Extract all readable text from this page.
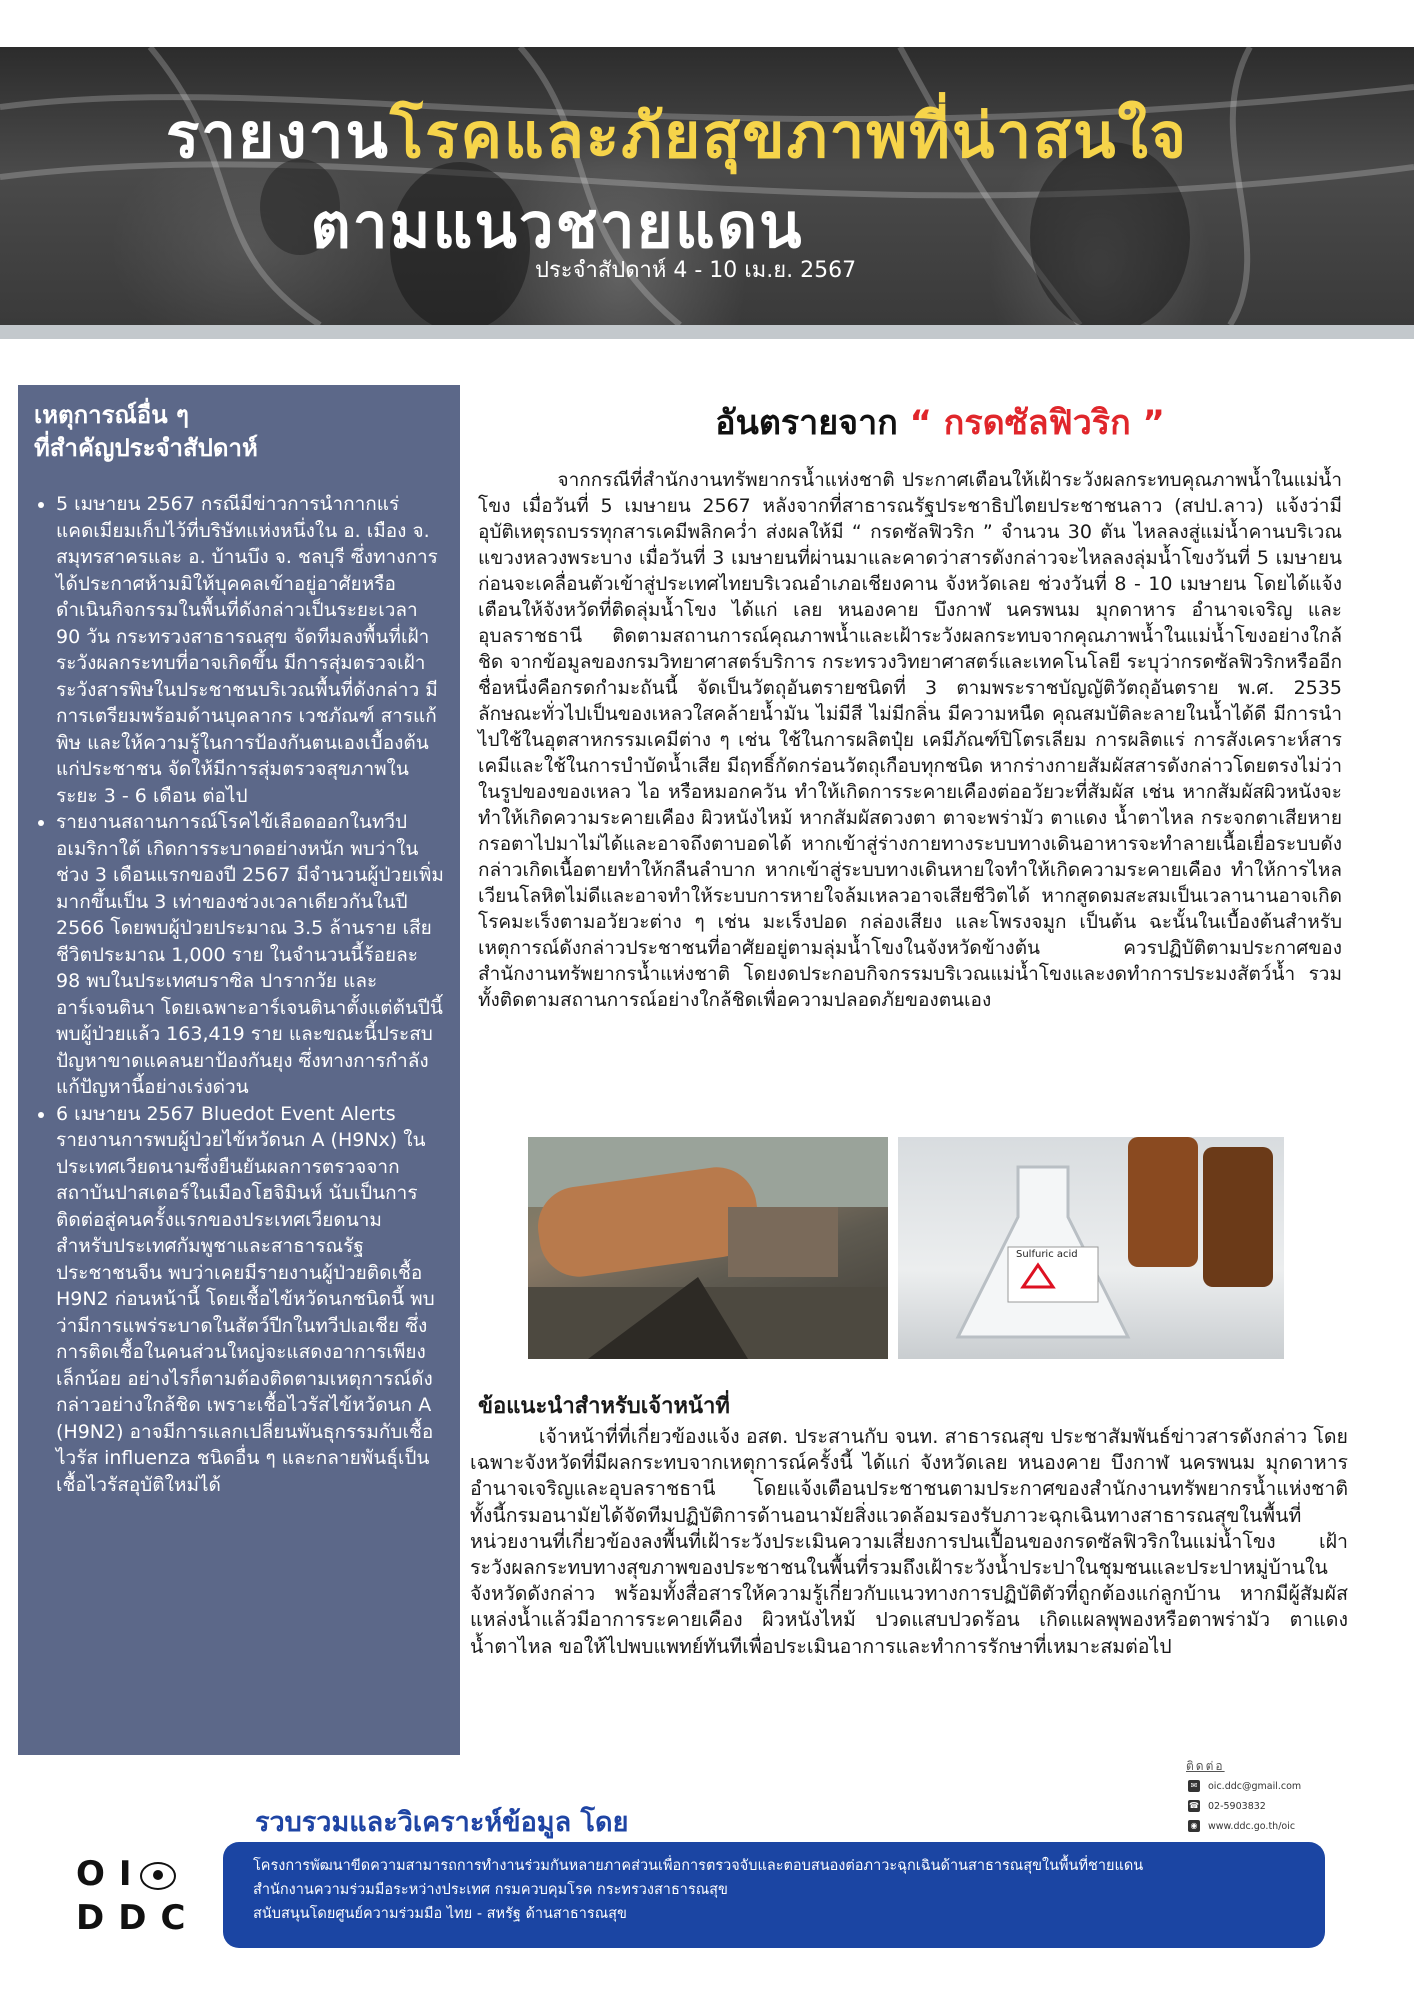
รายงานโรคและภัยสุขภาพที่น่าสนใจ
ตามแนวชายแดน
ประจำสัปดาห์ 4 - 10 เม.ย. 2567
เหตุการณ์อื่น ๆ
ที่สำคัญประจำสัปดาห์
• 5 เมษายน 2567 กรณีมีข่าวการนำกากแร่แคดเมียมเก็บไว้ที่บริษัทแห่งหนึ่งใน อ. เมือง จ. สมุทรสาครและ อ. บ้านบึง จ. ชลบุรี ซึ่งทางการได้ประกาศห้ามมิให้บุคคลเข้าอยู่อาศัยหรือดำเนินกิจกรรมในพื้นที่ดังกล่าวเป็นระยะเวลา 90 วัน กระทรวงสาธารณสุข จัดทีมลงพื้นที่เฝ้าระวังผลกระทบที่อาจเกิดขึ้น มีการสุ่มตรวจเฝ้าระวังสารพิษในประชาชนบริเวณพื้นที่ดังกล่าว มีการเตรียมพร้อมด้านบุคลากร เวชภัณฑ์ สารแก้พิษ และให้ความรู้ในการป้องกันตนเองเบื้องต้นแก่ประชาชน จัดให้มีการสุ่มตรวจสุขภาพในระยะ 3 - 6 เดือน ต่อไป
• รายงานสถานการณ์โรคไข้เลือดออกในทวีปอเมริกาใต้ เกิดการระบาดอย่างหนัก พบว่าในช่วง 3 เดือนแรกของปี 2567 มีจำนวนผู้ป่วยเพิ่มมากขึ้นเป็น 3 เท่าของช่วงเวลาเดียวกันในปี 2566 โดยพบผู้ป่วยประมาณ 3.5 ล้านราย เสียชีวิตประมาณ 1,000 ราย ในจำนวนนี้ร้อยละ 98 พบในประเทศบราซิล ปารากวัย และอาร์เจนตินา โดยเฉพาะอาร์เจนตินาตั้งแต่ต้นปีนี้ พบผู้ป่วยแล้ว 163,419 ราย และขณะนี้ประสบปัญหาขาดแคลนยาป้องกันยุง ซึ่งทางการกำลังแก้ปัญหานี้อย่างเร่งด่วน
• 6 เมษายน 2567 Bluedot Event Alerts รายงานการพบผู้ป่วยไข้หวัดนก A (H9Nx) ในประเทศเวียดนามซึ่งยืนยันผลการตรวจจากสถาบันปาสเตอร์ในเมืองโฮจิมินห์ นับเป็นการติดต่อสู่คนครั้งแรกของประเทศเวียดนาม สำหรับประเทศกัมพูชาและสาธารณรัฐประชาชนจีน พบว่าเคยมีรายงานผู้ป่วยติดเชื้อ H9N2 ก่อนหน้านี้ โดยเชื้อไข้หวัดนกชนิดนี้ พบว่ามีการแพร่ระบาดในสัตว์ปีกในทวีปเอเชีย ซึ่งการติดเชื้อในคนส่วนใหญ่จะแสดงอาการเพียงเล็กน้อย อย่างไรก็ตามต้องติดตามเหตุการณ์ดังกล่าวอย่างใกล้ชิด เพราะเชื้อไวรัสไข้หวัดนก A (H9N2) อาจมีการแลกเปลี่ยนพันธุกรรมกับเชื้อไวรัส influenza ชนิดอื่น ๆ และกลายพันธุ์เป็นเชื้อไวรัสอุบัติใหม่ได้
อันตรายจาก “ กรดซัลฟิวริก ”
จากกรณีที่สำนักงานทรัพยากรน้ำแห่งชาติ ประกาศเตือนให้เฝ้าระวังผลกระทบคุณภาพน้ำในแม่น้ำโขง เมื่อวันที่ 5 เมษายน 2567 หลังจากที่สาธารณรัฐประชาธิปไตยประชาชนลาว (สปป.ลาว) แจ้งว่ามีอุบัติเหตุรถบรรทุกสารเคมีพลิกคว่ำ ส่งผลให้มี “ กรดซัลฟิวริก ” จำนวน 30 ตัน ไหลลงสู่แม่น้ำคานบริเวณแขวงหลวงพระบาง เมื่อวันที่ 3 เมษายนที่ผ่านมาและคาดว่าสารดังกล่าวจะไหลลงลุ่มน้ำโขงวันที่ 5 เมษายน ก่อนจะเคลื่อนตัวเข้าสู่ประเทศไทยบริเวณอำเภอเชียงคาน จังหวัดเลย ช่วงวันที่ 8 - 10 เมษายน โดยได้แจ้งเตือนให้จังหวัดที่ติดลุ่มน้ำโขง ได้แก่ เลย หนองคาย บึงกาฬ นครพนม มุกดาหาร อำนาจเจริญ และอุบลราชธานี ติดตามสถานการณ์คุณภาพน้ำและเฝ้าระวังผลกระทบจากคุณภาพน้ำในแม่น้ำโขงอย่างใกล้ชิด จากข้อมูลของกรมวิทยาศาสตร์บริการ กระทรวงวิทยาศาสตร์และเทคโนโลยี ระบุว่ากรดซัลฟิวริกหรืออีกชื่อหนึ่งคือกรดกำมะถันนี้ จัดเป็นวัตถุอันตรายชนิดที่ 3 ตามพระราชบัญญัติวัตถุอันตราย พ.ศ. 2535 ลักษณะทั่วไปเป็นของเหลวใสคล้ายน้ำมัน ไม่มีสี ไม่มีกลิ่น มีความหนืด คุณสมบัติละลายในน้ำได้ดี มีการนำไปใช้ในอุตสาหกรรมเคมีต่าง ๆ เช่น ใช้ในการผลิตปุ๋ย เคมีภัณฑ์ปิโตรเลียม การผลิตแร่ การสังเคราะห์สารเคมีและใช้ในการบำบัดน้ำเสีย มีฤทธิ์กัดกร่อนวัตถุเกือบทุกชนิด หากร่างกายสัมผัสสารดังกล่าวโดยตรงไม่ว่าในรูปของของเหลว ไอ หรือหมอกควัน ทำให้เกิดการระคายเคืองต่ออวัยวะที่สัมผัส เช่น หากสัมผัสผิวหนังจะทำให้เกิดความระคายเคือง ผิวหนังไหม้ หากสัมผัสดวงตา ตาจะพร่ามัว ตาแดง น้ำตาไหล กระจกตาเสียหาย กรอตาไปมาไม่ได้และอาจถึงตาบอดได้ หากเข้าสู่ร่างกายทางระบบทางเดินอาหารจะทำลายเนื้อเยื่อระบบดังกล่าวเกิดเนื้อตายทำให้กลืนลำบาก หากเข้าสู่ระบบทางเดินหายใจทำให้เกิดความระคายเคือง ทำให้การไหลเวียนโลหิตไม่ดีและอาจทำให้ระบบการหายใจล้มเหลวอาจเสียชีวิตได้ หากสูดดมสะสมเป็นเวลานานอาจเกิดโรคมะเร็งตามอวัยวะต่าง ๆ เช่น มะเร็งปอด กล่องเสียง และโพรงจมูก เป็นต้น ฉะนั้นในเบื้องต้นสำหรับเหตุการณ์ดังกล่าวประชาชนที่อาศัยอยู่ตามลุ่มน้ำโขงในจังหวัดข้างต้น ควรปฏิบัติตามประกาศของสำนักงานทรัพยากรน้ำแห่งชาติ โดยงดประกอบกิจกรรมบริเวณแม่น้ำโขงและงดทำการประมงสัตว์น้ำ รวมทั้งติดตามสถานการณ์อย่างใกล้ชิดเพื่อความปลอดภัยของตนเอง
Sulfuric acid
ข้อแนะนำสำหรับเจ้าหน้าที่
เจ้าหน้าที่ที่เกี่ยวข้องแจ้ง อสต. ประสานกับ จนท. สาธารณสุข ประชาสัมพันธ์ข่าวสารดังกล่าว โดยเฉพาะจังหวัดที่มีผลกระทบจากเหตุการณ์ครั้งนี้ ได้แก่ จังหวัดเลย หนองคาย บึงกาฬ นครพนม มุกดาหาร อำนาจเจริญและอุบลราชธานี โดยแจ้งเตือนประชาชนตามประกาศของสำนักงานทรัพยากรน้ำแห่งชาติ ทั้งนี้กรมอนามัยได้จัดทีมปฏิบัติการด้านอนามัยสิ่งแวดล้อมรองรับภาวะฉุกเฉินทางสาธารณสุขในพื้นที่ หน่วยงานที่เกี่ยวข้องลงพื้นที่เฝ้าระวังประเมินความเสี่ยงการปนเปื้อนของกรดซัลฟิวริกในแม่น้ำโขง เฝ้าระวังผลกระทบทางสุขภาพของประชาชนในพื้นที่รวมถึงเฝ้าระวังน้ำประปาในชุมชนและประปาหมู่บ้านในจังหวัดดังกล่าว พร้อมทั้งสื่อสารให้ความรู้เกี่ยวกับแนวทางการปฏิบัติตัวที่ถูกต้องแก่ลูกบ้าน หากมีผู้สัมผัสแหล่งน้ำแล้วมีอาการระคายเคือง ผิวหนังไหม้ ปวดแสบปวดร้อน เกิดแผลพุพองหรือตาพร่ามัว ตาแดง น้ำตาไหล ขอให้ไปพบแพทย์ทันทีเพื่อประเมินอาการและทำการรักษาที่เหมาะสมต่อไป
ติดต่อ
✉ oic.ddc@gmail.com
☎ 02-5903832
◉ www.ddc.go.th/oic
รวบรวมและวิเคราะห์ข้อมูล โดย
OI
DDC
โครงการพัฒนาขีดความสามารถการทำงานร่วมกันหลายภาคส่วนเพื่อการตรวจจับและตอบสนองต่อภาวะฉุกเฉินด้านสาธารณสุขในพื้นที่ชายแดน
สำนักงานความร่วมมือระหว่างประเทศ กรมควบคุมโรค กระทรวงสาธารณสุข
สนับสนุนโดยศูนย์ความร่วมมือ ไทย - สหรัฐ ด้านสาธารณสุข
